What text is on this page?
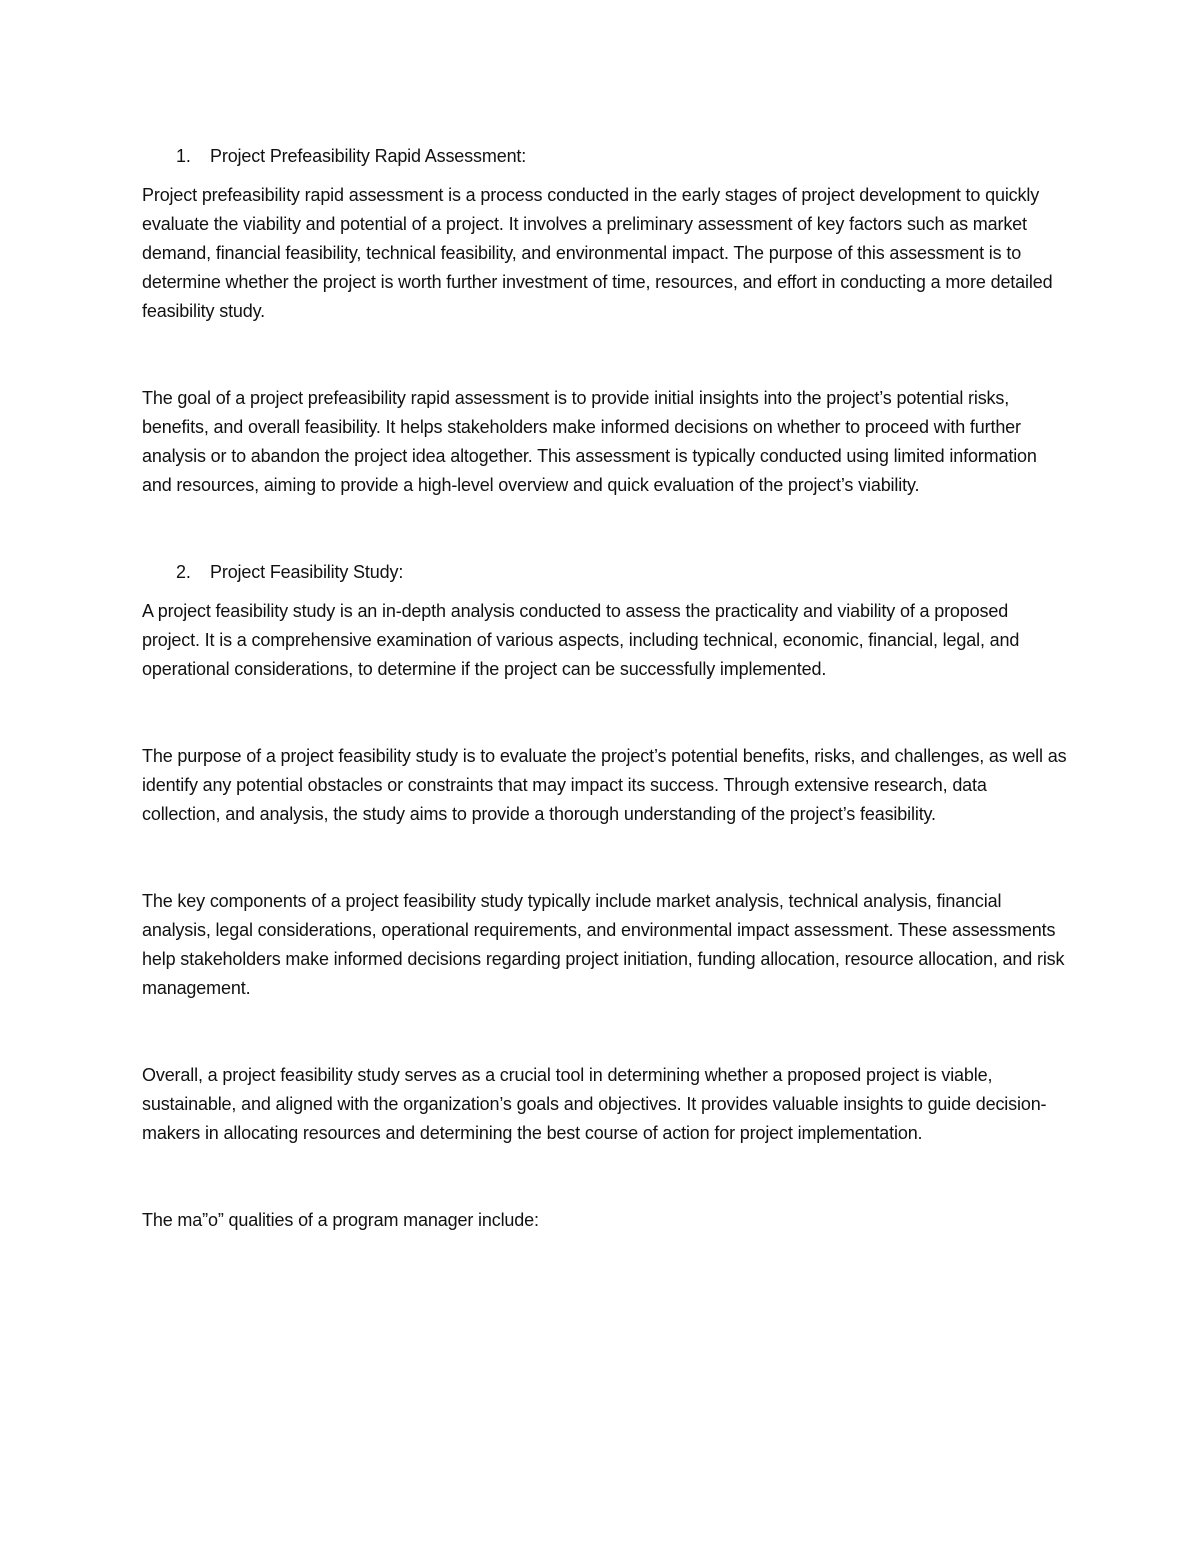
1.	Project Prefeasibility Rapid Assessment:

Project prefeasibility rapid assessment is a process conducted in the early stages of project development to quickly evaluate the viability and potential of a project. It involves a preliminary assessment of key factors such as market demand, financial feasibility, technical feasibility, and environmental impact. The purpose of this assessment is to determine whether the project is worth further investment of time, resources, and effort in conducting a more detailed feasibility study.

The goal of a project prefeasibility rapid assessment is to provide initial insights into the project’s potential risks, benefits, and overall feasibility. It helps stakeholders make informed decisions on whether to proceed with further analysis or to abandon the project idea altogether. This assessment is typically conducted using limited information and resources, aiming to provide a high-level overview and quick evaluation of the project’s viability.

2.	Project Feasibility Study:

A project feasibility study is an in-depth analysis conducted to assess the practicality and viability of a proposed project. It is a comprehensive examination of various aspects, including technical, economic, financial, legal, and operational considerations, to determine if the project can be successfully implemented.

The purpose of a project feasibility study is to evaluate the project’s potential benefits, risks, and challenges, as well as identify any potential obstacles or constraints that may impact its success. Through extensive research, data collection, and analysis, the study aims to provide a thorough understanding of the project’s feasibility.

The key components of a project feasibility study typically include market analysis, technical analysis, financial analysis, legal considerations, operational requirements, and environmental impact assessment. These assessments help stakeholders make informed decisions regarding project initiation, funding allocation, resource allocation, and risk management.

Overall, a project feasibility study serves as a crucial tool in determining whether a proposed project is viable, sustainable, and aligned with the organization’s goals and objectives. It provides valuable insights to guide decision-makers in allocating resources and determining the best course of action for project implementation.

The ma”o” qualities of a program manager include:
